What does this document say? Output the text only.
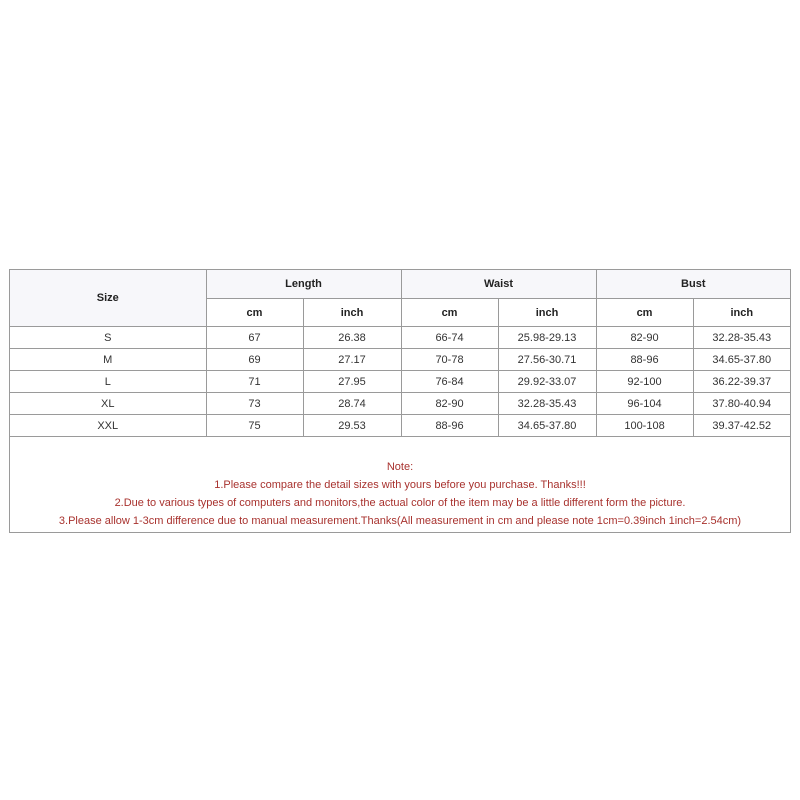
Size	Length		Waist		Bust	
	cm	inch	cm	inch	cm	inch
S	67	26.38	66-74	25.98-29.13	82-90	32.28-35.43
M	69	27.17	70-78	27.56-30.71	88-96	34.65-37.80
L	71	27.95	76-84	29.92-33.07	92-100	36.22-39.37
XL	73	28.74	82-90	32.28-35.43	96-104	37.80-40.94
XXL	75	29.53	88-96	34.65-37.80	100-108	39.37-42.52
Note:
1.Please compare the detail sizes with yours before you purchase. Thanks!!!
2.Due to various types of computers and monitors,the actual color of the item may be a little different form the picture.
3.Please allow 1-3cm difference due to manual measurement.Thanks(All measurement in cm and please note 1cm=0.39inch 1inch=2.54cm)
